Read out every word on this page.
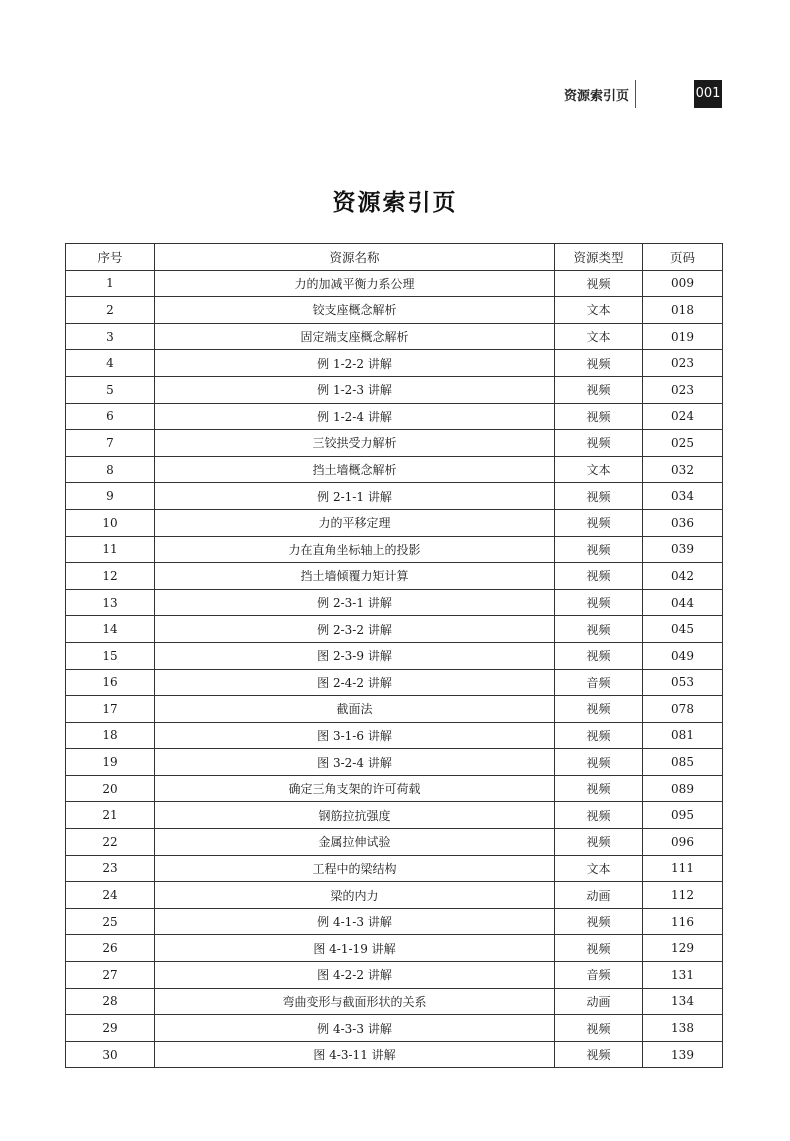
资源索引页	001
资源索引页
序号	资源名称	资源类型	页码
1	力的加减平衡力系公理	视频	009
2	铰支座概念解析	文本	018
3	固定端支座概念解析	文本	019
4	例 1-2-2 讲解	视频	023
5	例 1-2-3 讲解	视频	023
6	例 1-2-4 讲解	视频	024
7	三铰拱受力解析	视频	025
8	挡土墙概念解析	文本	032
9	例 2-1-1 讲解	视频	034
10	力的平移定理	视频	036
11	力在直角坐标轴上的投影	视频	039
12	挡土墙倾覆力矩计算	视频	042
13	例 2-3-1 讲解	视频	044
14	例 2-3-2 讲解	视频	045
15	图 2-3-9 讲解	视频	049
16	图 2-4-2 讲解	音频	053
17	截面法	视频	078
18	图 3-1-6 讲解	视频	081
19	图 3-2-4 讲解	视频	085
20	确定三角支架的许可荷载	视频	089
21	钢筋拉抗强度	视频	095
22	金属拉伸试验	视频	096
23	工程中的梁结构	文本	111
24	梁的内力	动画	112
25	例 4-1-3 讲解	视频	116
26	图 4-1-19 讲解	视频	129
27	图 4-2-2 讲解	音频	131
28	弯曲变形与截面形状的关系	动画	134
29	例 4-3-3 讲解	视频	138
30	图 4-3-11 讲解	视频	139
